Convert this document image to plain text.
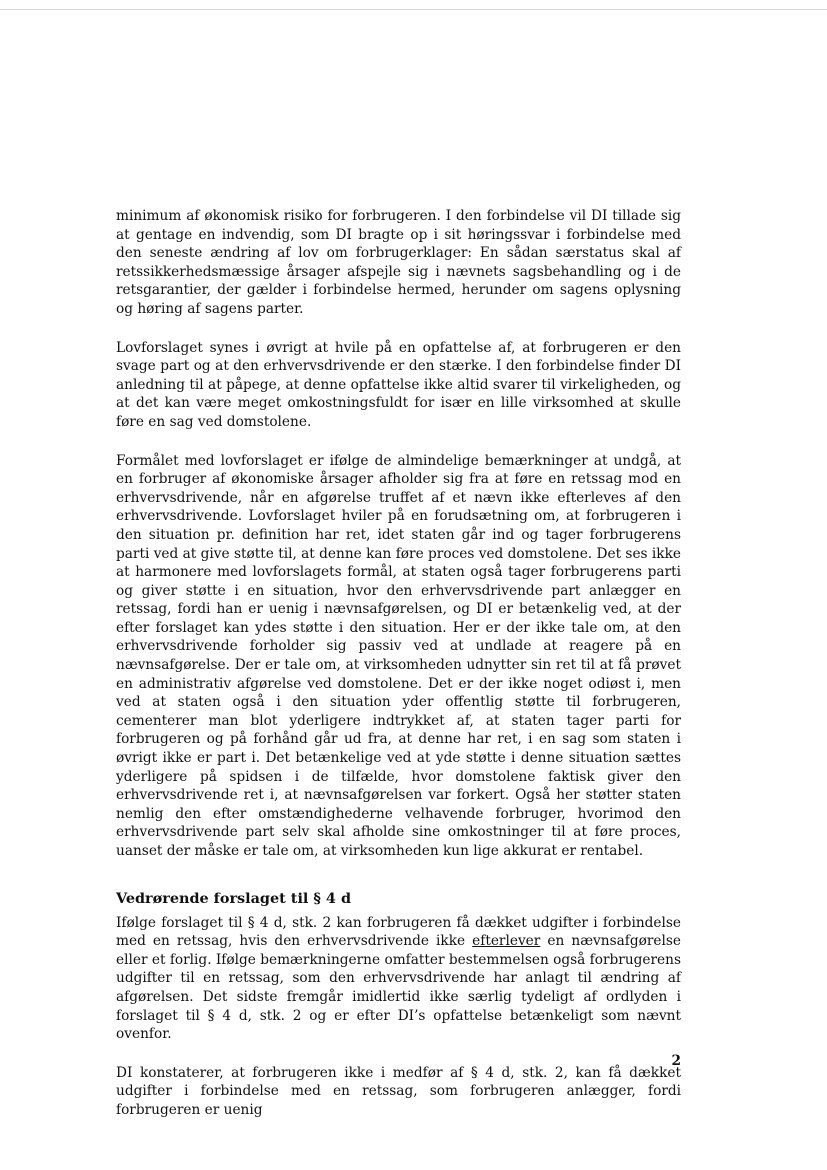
minimum af økonomisk risiko for forbrugeren. I den forbindelse vil DI tillade sig at gentage en indvendig, som DI bragte op i sit høringssvar i forbindelse med den seneste ændring af lov om forbrugerklager: En sådan særstatus skal af retssikkerhedsmæssige årsager afspejle sig i nævnets sagsbehandling og i de retsgarantier, der gælder i forbindelse hermed, herunder om sagens oplysning og høring af sagens parter.

Lovforslaget synes i øvrigt at hvile på en opfattelse af, at forbrugeren er den svage part og at den erhvervsdrivende er den stærke. I den forbindelse finder DI anledning til at påpege, at denne opfattelse ikke altid svarer til virkeligheden, og at det kan være meget omkostningsfuldt for især en lille virksomhed at skulle føre en sag ved domstolene.

Formålet med lovforslaget er ifølge de almindelige bemærkninger at undgå, at en forbruger af økonomiske årsager afholder sig fra at føre en retssag mod en erhvervsdrivende, når en afgørelse truffet af et nævn ikke efterleves af den erhvervsdrivende. Lovforslaget hviler på en forudsætning om, at forbrugeren i den situation pr. definition har ret, idet staten går ind og tager forbrugerens parti ved at give støtte til, at denne kan føre proces ved domstolene. Det ses ikke at harmonere med lovforslagets formål, at staten også tager forbrugerens parti og giver støtte i en situation, hvor den erhvervsdrivende part anlægger en retssag, fordi han er uenig i nævnsafgørelsen, og DI er betænkelig ved, at der efter forslaget kan ydes støtte i den situation. Her er der ikke tale om, at den erhvervsdrivende forholder sig passiv ved at undlade at reagere på en nævnsafgørelse. Der er tale om, at virksomheden udnytter sin ret til at få prøvet en administrativ afgørelse ved domstolene. Det er der ikke noget odiøst i, men ved at staten også i den situation yder offentlig støtte til forbrugeren, cementerer man blot yderligere indtrykket af, at staten tager parti for forbrugeren og på forhånd går ud fra, at denne har ret, i en sag som staten i øvrigt ikke er part i. Det betænkelige ved at yde støtte i denne situation sættes yderligere på spidsen i de tilfælde, hvor domstolene faktisk giver den erhvervsdrivende ret i, at nævnsafgørelsen var forkert. Også her støtter staten nemlig den efter omstændighederne velhavende forbruger, hvorimod den erhvervsdrivende part selv skal afholde sine omkostninger til at føre proces, uanset der måske er tale om, at virksomheden kun lige akkurat er rentabel.

Vedrørende forslaget til § 4 d

Ifølge forslaget til § 4 d, stk. 2 kan forbrugeren få dækket udgifter i forbindelse med en retssag, hvis den erhvervsdrivende ikke efterlever en nævnsafgørelse eller et forlig. Ifølge bemærkningerne omfatter bestemmelsen også forbrugerens udgifter til en retssag, som den erhvervsdrivende har anlagt til ændring af afgørelsen. Det sidste fremgår imidlertid ikke særlig tydeligt af ordlyden i forslaget til § 4 d, stk. 2 og er efter DI’s opfattelse betænkeligt som nævnt ovenfor.

DI konstaterer, at forbrugeren ikke i medfør af § 4 d, stk. 2, kan få dækket udgifter i forbindelse med en retssag, som forbrugeren anlægger, fordi forbrugeren er uenig

2
